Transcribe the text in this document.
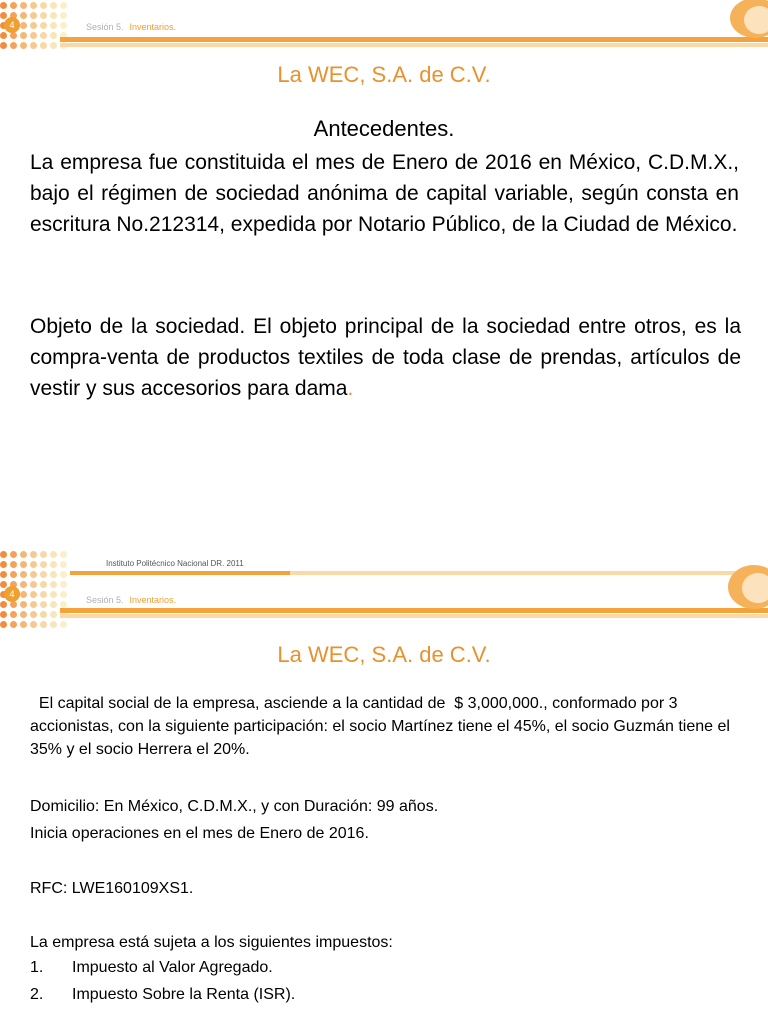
4	Sesión 5. Inventarios.
La WEC, S.A. de C.V.
Antecedentes.

La empresa fue constituida el mes de Enero de 2016 en México, C.D.M.X., bajo el régimen de sociedad anónima de capital variable, según consta en escritura No.212314, expedida por Notario Público, de la Ciudad de México.

Objeto de la sociedad. El objeto principal de la sociedad entre otros, es la compra-venta de productos textiles de toda clase de prendas, artículos de vestir y sus accesorios para dama.

4
Instituto Politécnico Nacional DR. 2011
Sesión 5. Inventarios.
La WEC, S.A. de C.V.

El capital social de la empresa, asciende a la cantidad de  $ 3,000,000., conformado por 3 accionistas, con la siguiente participación: el socio Martínez tiene el 45%, el socio Guzmán tiene el 35% y el socio Herrera el 20%.

Domicilio: En México, C.D.M.X., y con Duración: 99 años.
Inicia operaciones en el mes de Enero de 2016.
RFC: LWE160109XS1.
La empresa está sujeta a los siguientes impuestos:
1. Impuesto al Valor Agregado.
2. Impuesto Sobre la Renta (ISR).
